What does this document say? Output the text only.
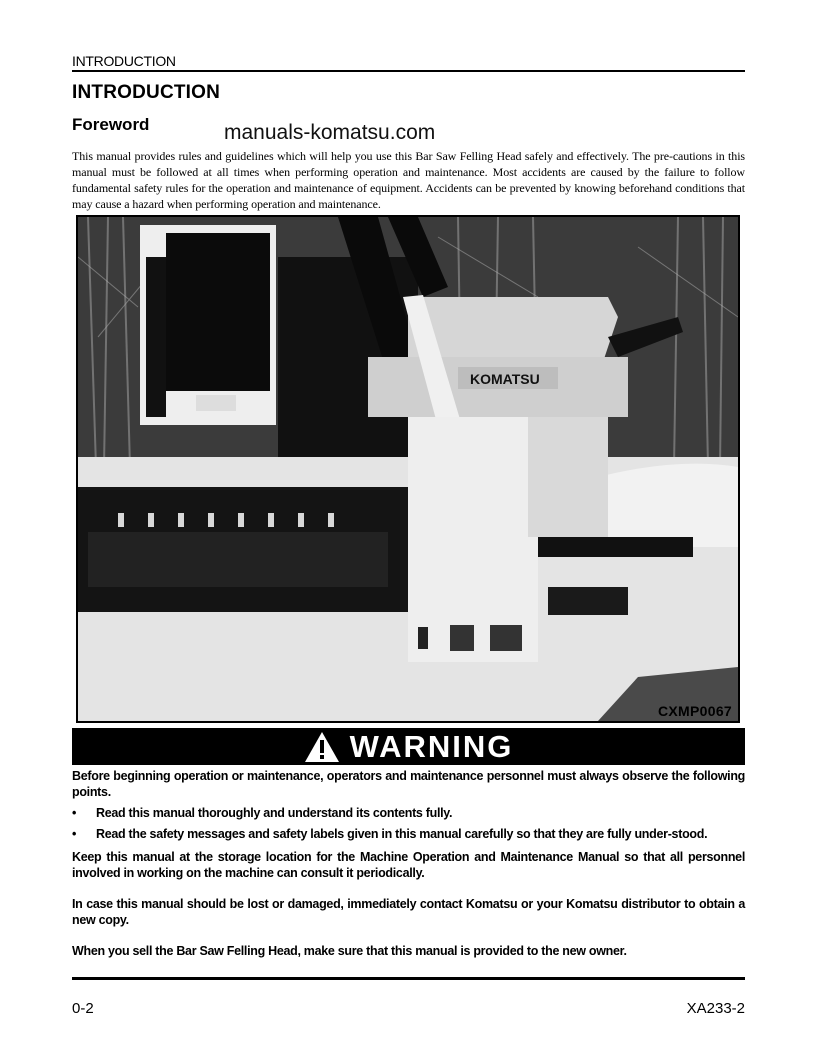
INTRODUCTION
INTRODUCTION
Foreword	manuals-komatsu.com
This manual provides rules and guidelines which will help you use this Bar Saw Felling Head safely and effectively. The pre-cautions in this manual must be followed at all times when performing operation and maintenance. Most accidents are caused by the failure to follow fundamental safety rules for the operation and maintenance of equipment. Accidents can be prevented by knowing beforehand conditions that may cause a hazard when performing operation and maintenance.
KOMATSU
CXMP0067
WARNING

Before beginning operation or maintenance, operators and maintenance personnel must always observe the following points.

• Read this manual thoroughly and understand its contents fully.
• Read the safety messages and safety labels given in this manual carefully so that they are fully under-stood.

Keep this manual at the storage location for the Machine Operation and Maintenance Manual so that all personnel involved in working on the machine can consult it periodically.

In case this manual should be lost or damaged, immediately contact Komatsu or your Komatsu distributor to obtain a new copy.

When you sell the Bar Saw Felling Head, make sure that this manual is provided to the new owner.

0-2	XA233-2
